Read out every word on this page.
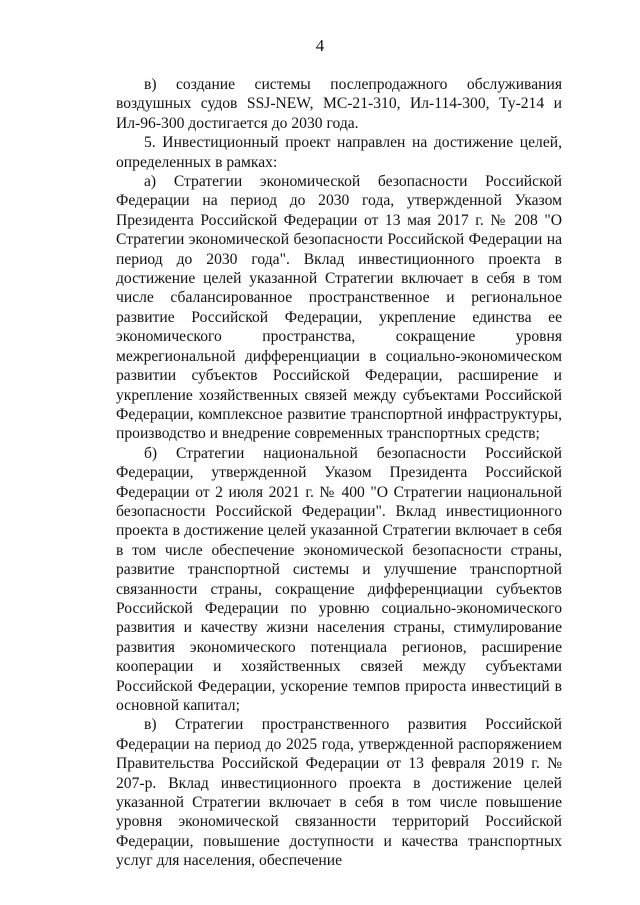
4

в) создание системы послепродажного обслуживания воздушных судов SSJ-NEW, МС-21-310, Ил-114-300, Ту-214 и Ил-96-300 достигается до 2030 года.

5. Инвестиционный проект направлен на достижение целей, определенных в рамках:

а) Стратегии экономической безопасности Российской Федерации на период до 2030 года, утвержденной Указом Президента Российской Федерации от 13 мая 2017 г. № 208 "О Стратегии экономической безопасности Российской Федерации на период до 2030 года". Вклад инвестиционного проекта в достижение целей указанной Стратегии включает в себя в том числе сбалансированное пространственное и региональное развитие Российской Федерации, укрепление единства ее экономического пространства, сокращение уровня межрегиональной дифференциации в социально-экономическом развитии субъектов Российской Федерации, расширение и укрепление хозяйственных связей между субъектами Российской Федерации, комплексное развитие транспортной инфраструктуры, производство и внедрение современных транспортных средств;

б) Стратегии национальной безопасности Российской Федерации, утвержденной Указом Президента Российской Федерации от 2 июля 2021 г. № 400 "О Стратегии национальной безопасности Российской Федерации". Вклад инвестиционного проекта в достижение целей указанной Стратегии включает в себя в том числе обеспечение экономической безопасности страны, развитие транспортной системы и улучшение транспортной связанности страны, сокращение дифференциации субъектов Российской Федерации по уровню социально-экономического развития и качеству жизни населения страны, стимулирование развития экономического потенциала регионов, расширение кооперации и хозяйственных связей между субъектами Российской Федерации, ускорение темпов прироста инвестиций в основной капитал;

в) Стратегии пространственного развития Российской Федерации на период до 2025 года, утвержденной распоряжением Правительства Российской Федерации от 13 февраля 2019 г. № 207-р. Вклад инвестиционного проекта в достижение целей указанной Стратегии включает в себя в том числе повышение уровня экономической связанности территорий Российской Федерации, повышение доступности и качества транспортных услуг для населения, обеспечение
